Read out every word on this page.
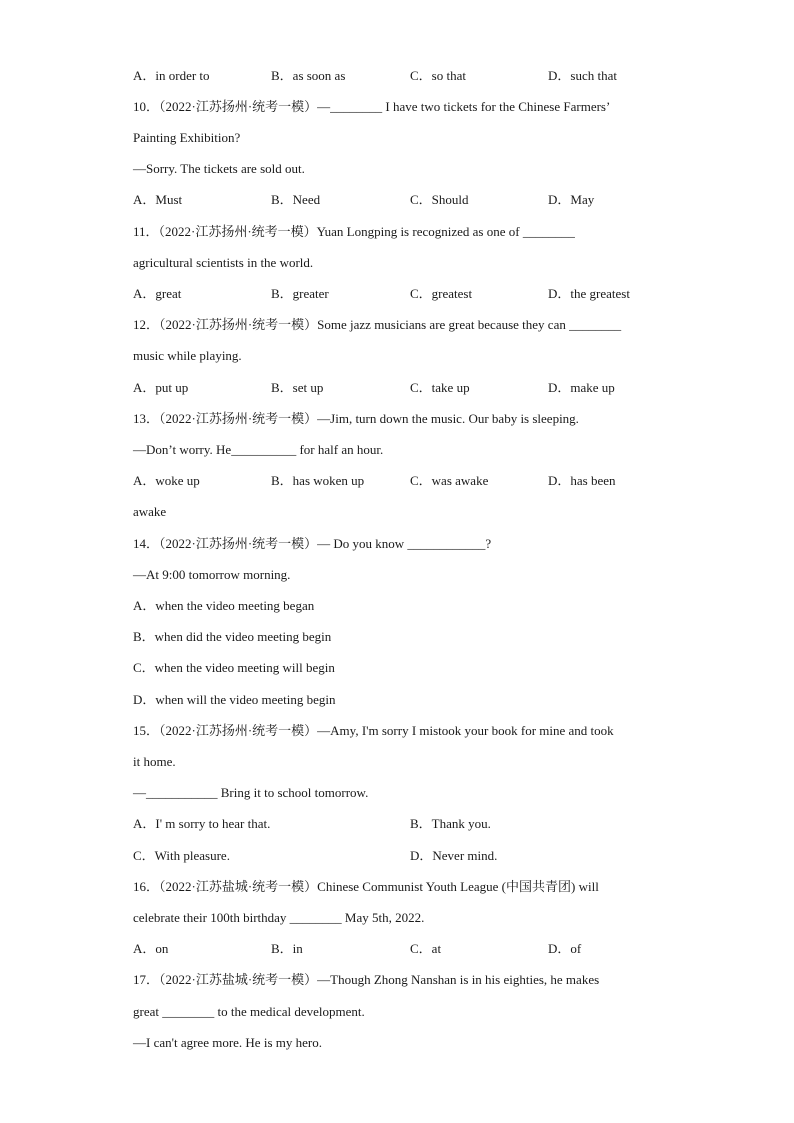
A．in order to	B．as soon as	C．so that	D．such that
10．（2022·江苏扬州·统考一模）—________ I have two tickets for the Chinese Farmers’
Painting Exhibition?
—Sorry. The tickets are sold out.
A．Must	B．Need	C．Should	D．May
11．（2022·江苏扬州·统考一模）Yuan Longping is recognized as one of ________
agricultural scientists in the world.
A．great	B．greater	C．greatest	D．the greatest
12．（2022·江苏扬州·统考一模）Some jazz musicians are great because they can ________
music while playing.
A．put up	B．set up	C．take up	D．make up
13．（2022·江苏扬州·统考一模）—Jim, turn down the music. Our baby is sleeping.
—Don’t worry. He__________ for half an hour.
A．woke up	B．has woken up	C．was awake	D．has been
awake
14．（2022·江苏扬州·统考一模）— Do you know ____________?
—At 9:00 tomorrow morning.
A．when the video meeting began
B．when did the video meeting begin
C．when the video meeting will begin
D．when will the video meeting begin
15．（2022·江苏扬州·统考一模）—Amy, I'm sorry I mistook your book for mine and took
it home.
—___________ Bring it to school tomorrow.
A．I' m sorry to hear that.	B．Thank you.
C．With pleasure.	D．Never mind.
16．（2022·江苏盐城·统考一模）Chinese Communist Youth League (中国共青团) will
celebrate their 100th birthday ________ May 5th, 2022.
A．on	B．in	C．at	D．of
17．（2022·江苏盐城·统考一模）—Though Zhong Nanshan is in his eighties, he makes
great ________ to the medical development.
—I can't agree more. He is my hero.
